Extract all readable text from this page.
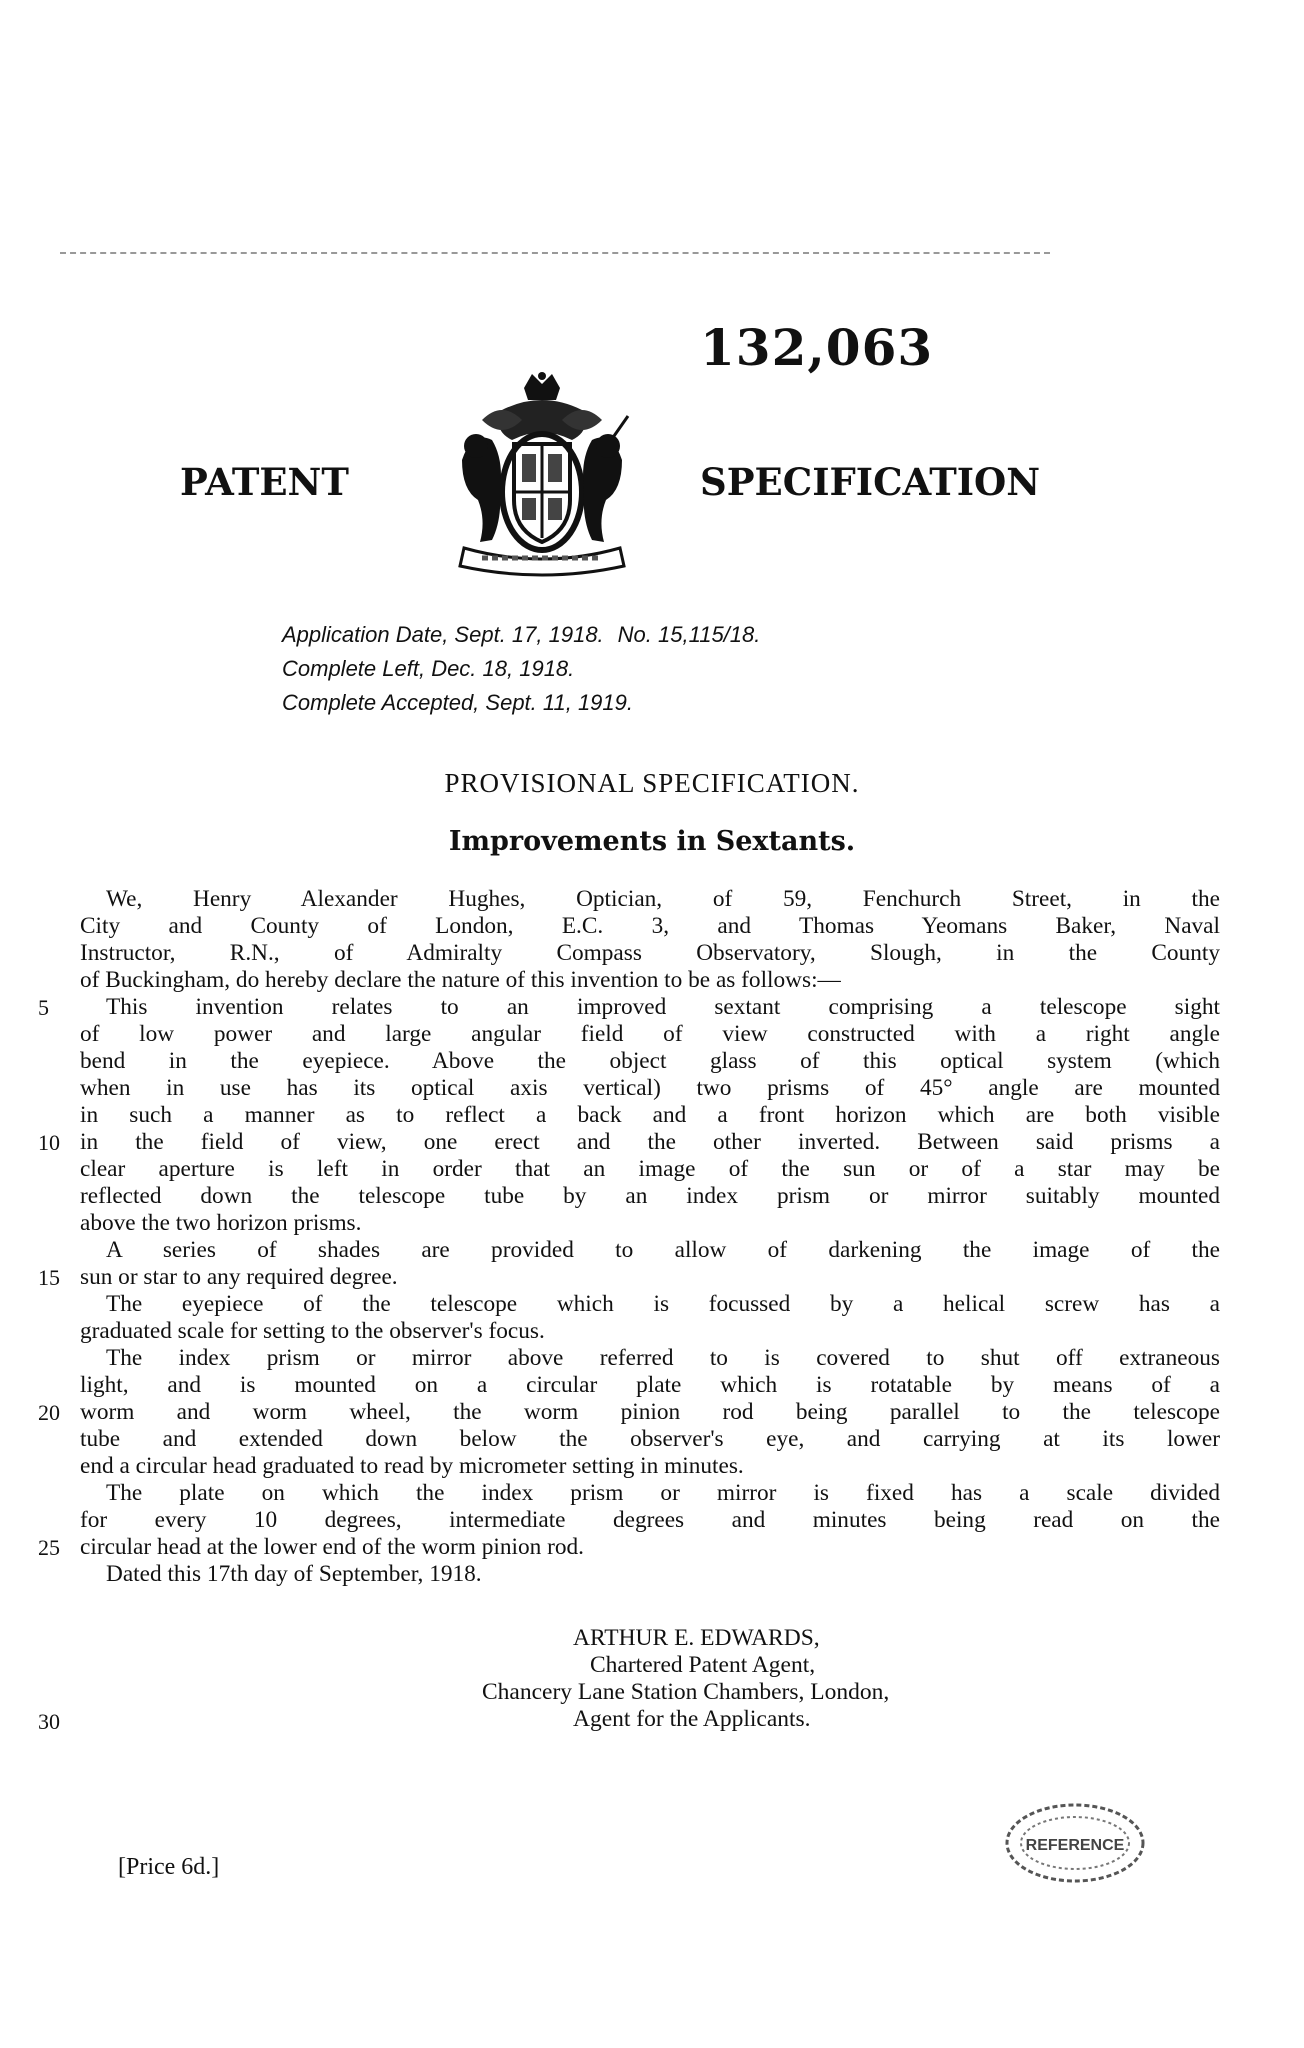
132,063
PATENT	SPECIFICATION
Application Date, Sept. 17, 1918. No. 15,115/18.
Complete Left, Dec. 18, 1918.
Complete Accepted, Sept. 11, 1919.
PROVISIONAL SPECIFICATION.
Improvements in Sextants.
We, Henry Alexander Hughes, Optician, of 59, Fenchurch Street, in the
City and County of London, E.C. 3, and Thomas Yeomans Baker, Naval
Instructor, R.N., of Admiralty Compass Observatory, Slough, in the County
of Buckingham, do hereby declare the nature of this invention to be as follows:—
5	This invention relates to an improved sextant comprising a telescope sight
of low power and large angular field of view constructed with a right angle
bend in the eyepiece. Above the object glass of this optical system (which
when in use has its optical axis vertical) two prisms of 45° angle are mounted
in such a manner as to reflect a back and a front horizon which are both visible
10 in the field of view, one erect and the other inverted. Between said prisms a
clear aperture is left in order that an image of the sun or of a star may be
reflected down the telescope tube by an index prism or mirror suitably mounted
above the two horizon prisms.
A series of shades are provided to allow of darkening the image of the
15 sun or star to any required degree.
The eyepiece of the telescope which is focussed by a helical screw has a
graduated scale for setting to the observer's focus.
The index prism or mirror above referred to is covered to shut off extraneous
light, and is mounted on a circular plate which is rotatable by means of a
20 worm and worm wheel, the worm pinion rod being parallel to the telescope
tube and extended down below the observer's eye, and carrying at its lower
end a circular head graduated to read by micrometer setting in minutes.
The plate on which the index prism or mirror is fixed has a scale divided
for every 10 degrees, intermediate degrees and minutes being read on the
25 circular head at the lower end of the worm pinion rod.
Dated this 17th day of September, 1918.
ARTHUR E. EDWARDS,
Chartered Patent Agent,
Chancery Lane Station Chambers, London,
Agent for the Applicants.
30
[Price 6d.]
REFERENCE
